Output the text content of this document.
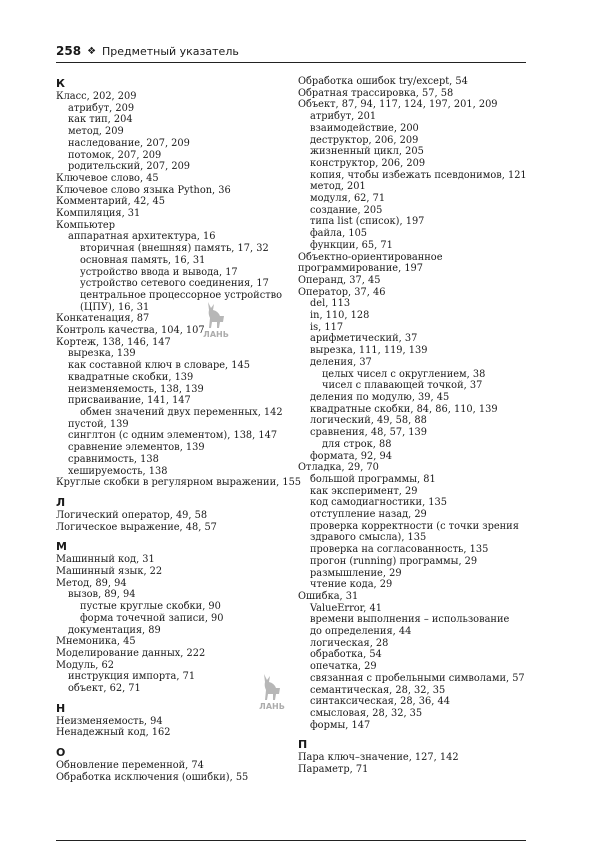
258 ❖ Предметный указатель
К
Класс, 202, 209
атрибут, 209
как тип, 204
метод, 209
наследование, 207, 209
потомок, 207, 209
родительский, 207, 209
Ключевое слово, 45
Ключевое слово языка Python, 36
Комментарий, 42, 45
Компиляция, 31
Компьютер
аппаратная архитектура, 16
вторичная (внешняя) память, 17, 32
основная память, 16, 31
устройство ввода и вывода, 17
устройство сетевого соединения, 17
центральное процессорное устройство
(ЦПУ), 16, 31
Конкатенация, 87
Контроль качества, 104, 107
Кортеж, 138, 146, 147
вырезка, 139
как составной ключ в словаре, 145
квадратные скобки, 139
неизменяемость, 138, 139
присваивание, 141, 147
обмен значений двух переменных, 142
пустой, 139
синглтон (с одним элементом), 138, 147
сравнение элементов, 139
сравнимость, 138
хешируемость, 138
Круглые скобки в регулярном выражении, 155
Л
Логический оператор, 49, 58
Логическое выражение, 48, 57
М
Машинный код, 31
Машинный язык, 22
Метод, 89, 94
вызов, 89, 94
пустые круглые скобки, 90
форма точечной записи, 90
документация, 89
Мнемоника, 45
Моделирование данных, 222
Модуль, 62
инструкция импорта, 71
объект, 62, 71
Н
Неизменяемость, 94
Ненадежный код, 162
О
Обновление переменной, 74
Обработка исключения (ошибки), 55
Обработка ошибок try/except, 54
Обратная трассировка, 57, 58
Объект, 87, 94, 117, 124, 197, 201, 209
атрибут, 201
взаимодействие, 200
деструктор, 206, 209
жизненный цикл, 205
конструктор, 206, 209
копия, чтобы избежать псевдонимов, 121
метод, 201
модуля, 62, 71
создание, 205
типа list (список), 197
файла, 105
функции, 65, 71
Объектно-ориентированное программирование, 197
Операнд, 37, 45
Оператор, 37, 46
del, 113
in, 110, 128
is, 117
арифметический, 37
вырезка, 111, 119, 139
деления, 37
целых чисел с округлением, 38
чисел с плавающей точкой, 37
деления по модулю, 39, 45
квадратные скобки, 84, 86, 110, 139
логический, 49, 58, 88
сравнения, 48, 57, 139
для строк, 88
формата, 92, 94
Отладка, 29, 70
большой программы, 81
как эксперимент, 29
код самодиагностики, 135
отступление назад, 29
проверка корректности (с точки зрения здравого смысла), 135
проверка на согласованность, 135
прогон (running) программы, 29
размышление, 29
чтение кода, 29
Ошибка, 31
ValueError, 41
времени выполнения – использование до определения, 44
логическая, 28
обработка, 54
опечатка, 29
связанная с пробельными символами, 57
семантическая, 28, 32, 35
синтаксическая, 28, 36, 44
смысловая, 28, 32, 35
формы, 147
П
Пара ключ–значение, 127, 142
Параметр, 71
ЛАНЬ
ЛАНЬ
